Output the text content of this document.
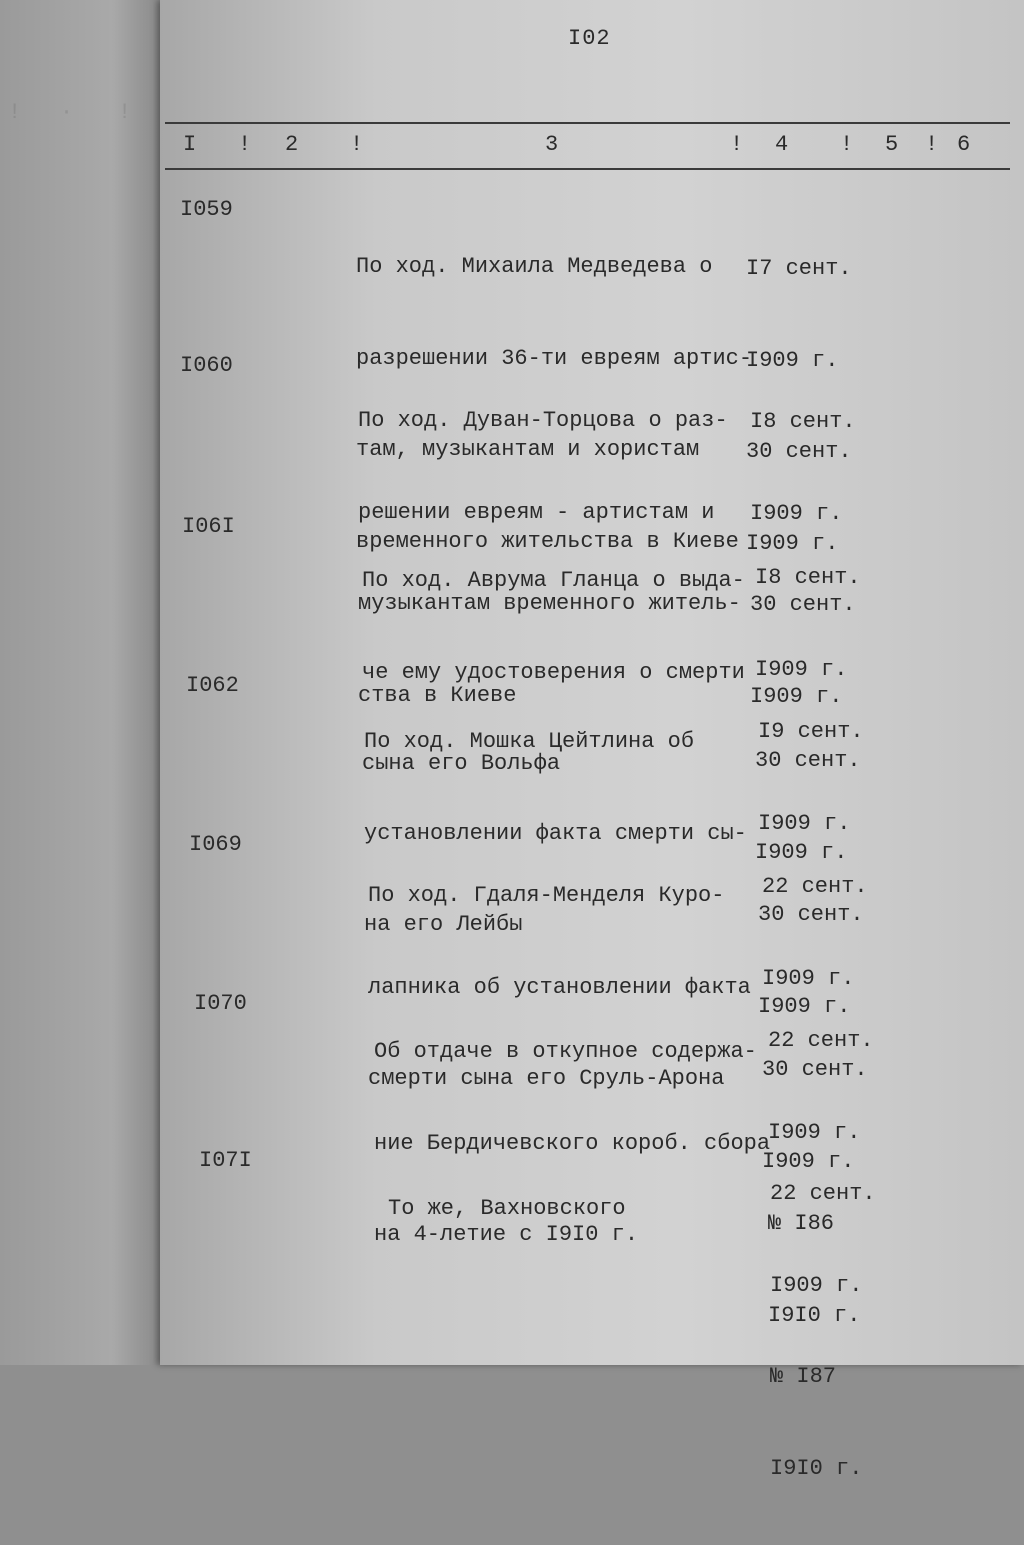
! · !
I02
I ! 2 !	3	! 4 ! 5 ! 6
I059

По ход. Михаила Медведева о

разрешении 36-ти евреям артис-

там, музыкантам и хористам

временного жительства в Киеве

I7 сент.

I909 г.

30 сент.

I909 г.

I060

По ход. Дуван-Торцова о раз-

решении евреям - артистам и

музыкантам временного житель-

ства в Киеве

I8 сент.

I909 г.

30 сент.

I909 г.

I06I

По ход. Аврума Гланца о выда-

че ему удостоверения о смерти

сына его Вольфа

I8 сент.

I909 г.

30 сент.

I909 г.

I062

По ход. Мошка Цейтлина об

установлении факта смерти сы-

на его Лейбы

I9 сент.

I909 г.

30 сент.

I909 г.

I069

По ход. Гдаля-Менделя Куро-

лапника об установлении факта

смерти сына его Сруль-Арона

22 сент.

I909 г.

30 сент.

I909 г.

I070

Об отдаче в откупное содержа-

ние Бердичевского короб. сбора

на 4-летие с I9I0 г.

22 сент.

I909 г.

№ I86

I9I0 г.

I07I

То же, Вахновского

22 сент.

I909 г.

№ I87

I9I0 г.
